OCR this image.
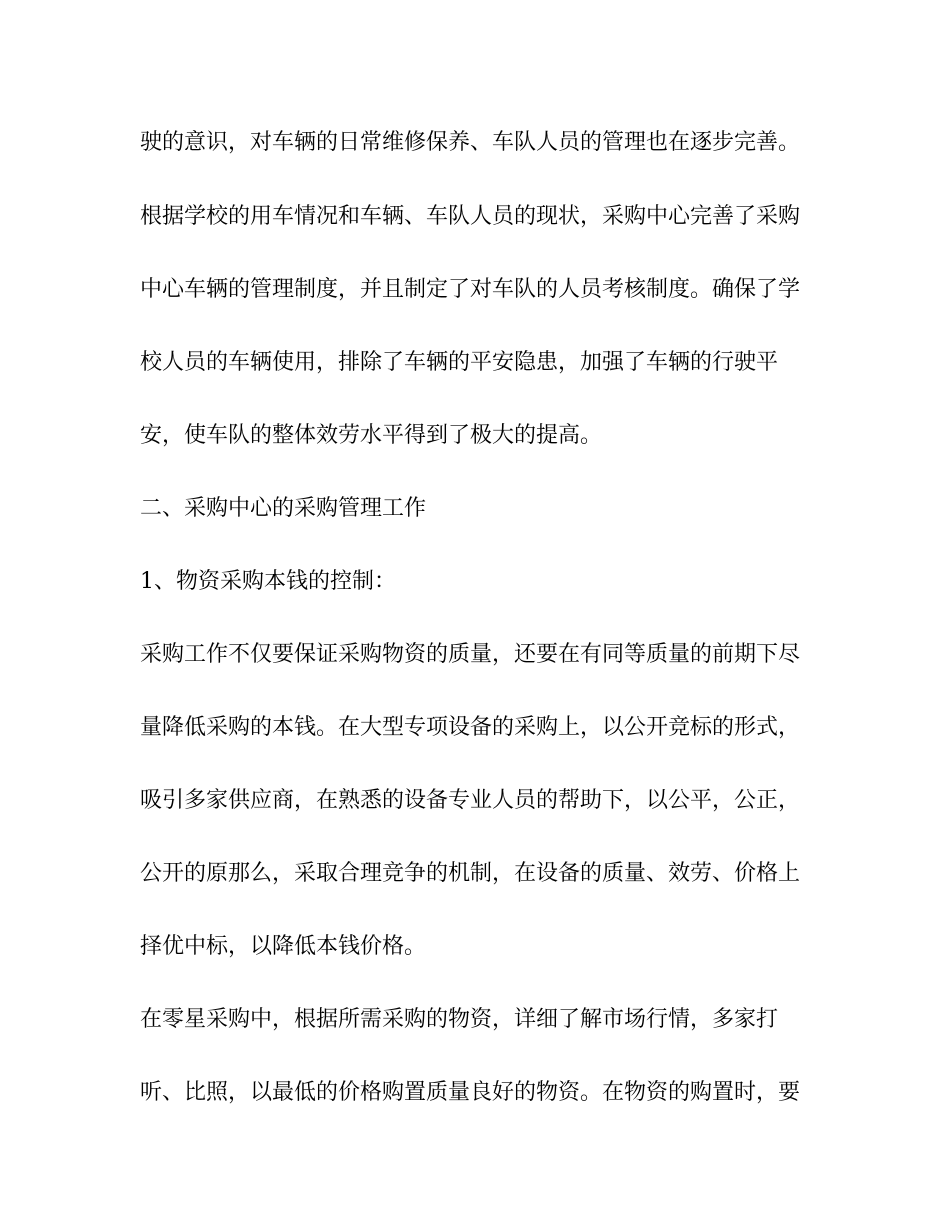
驶的意识，对车辆的日常维修保养、车队人员的管理也在逐步完善。
根据学校的用车情况和车辆、车队人员的现状，采购中心完善了采购
中心车辆的管理制度，并且制定了对车队的人员考核制度。确保了学
校人员的车辆使用，排除了车辆的平安隐患，加强了车辆的行驶平
安，使车队的整体效劳水平得到了极大的提高。
二、采购中心的采购管理工作
1、物资采购本钱的控制：
采购工作不仅要保证采购物资的质量，还要在有同等质量的前期下尽
量降低采购的本钱。在大型专项设备的采购上，以公开竞标的形式，
吸引多家供应商，在熟悉的设备专业人员的帮助下，以公平，公正，
公开的原那么，采取合理竞争的机制，在设备的质量、效劳、价格上
择优中标，以降低本钱价格。
在零星采购中，根据所需采购的物资，详细了解市场行情，多家打
听、比照，以最低的价格购置质量良好的物资。在物资的购置时，要
